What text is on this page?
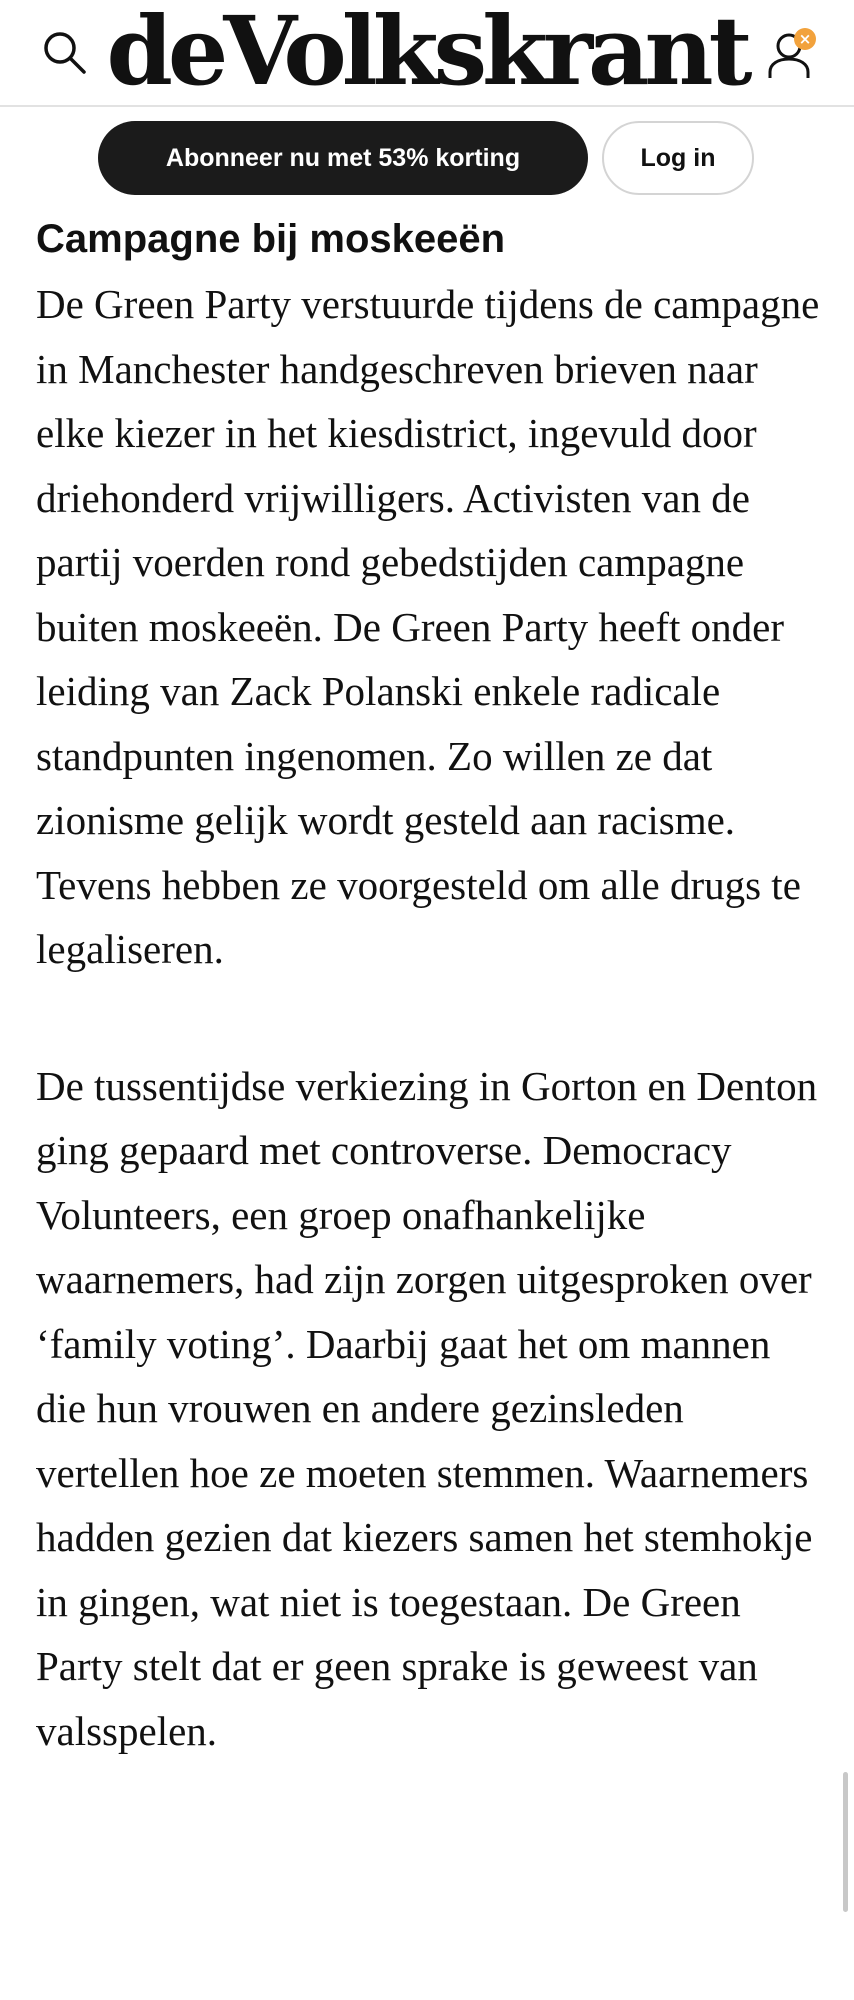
deVolkskrant	×
Abonneer nu met 53% korting	Log in
Campagne bij moskeeën

De Green Party verstuurde tijdens de campagne in Manchester handgeschreven brieven naar elke kiezer in het kiesdistrict, ingevuld door driehonderd vrijwilligers. Activisten van de partij voerden rond gebedstijden campagne buiten moskeeën. De Green Party heeft onder leiding van Zack Polanski enkele radicale standpunten ingenomen. Zo willen ze dat zionisme gelijk wordt gesteld aan racisme. Tevens hebben ze voorgesteld om alle drugs te legaliseren.

De tussentijdse verkiezing in Gorton en Denton ging gepaard met controverse. Democracy Volunteers, een groep onafhankelijke waarnemers, had zijn zorgen uitgesproken over ‘family voting’. Daarbij gaat het om mannen die hun vrouwen en andere gezinsleden vertellen hoe ze moeten stemmen. Waarnemers hadden gezien dat kiezers samen het stemhokje in gingen, wat niet is toegestaan. De Green Party stelt dat er geen sprake is geweest van valsspelen.
